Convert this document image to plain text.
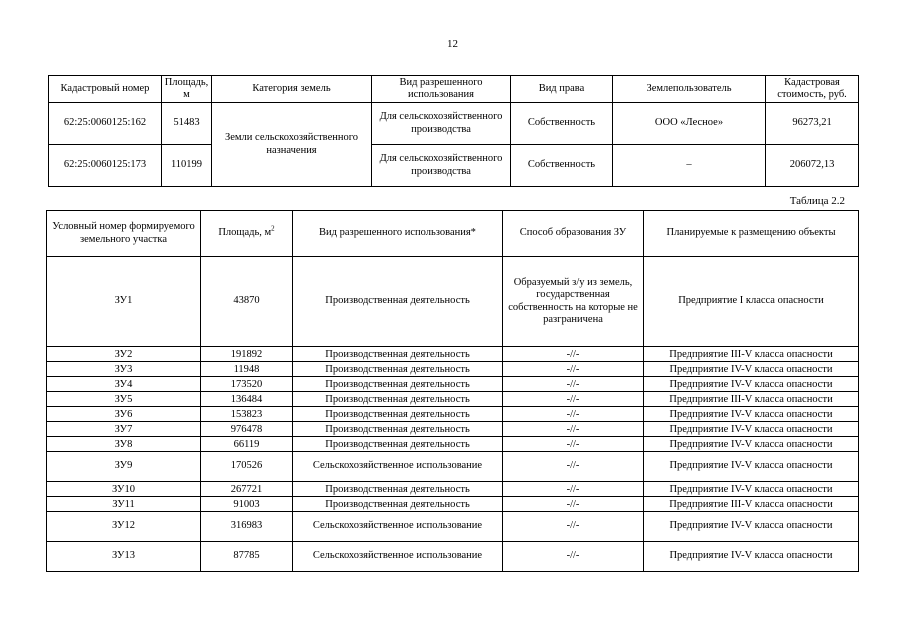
12
Кадастровый номер	Площадь, м	Категория земель	Вид разрешенного использования	Вид права	Землепользователь	Кадастровая стоимость, руб.
62:25:0060125:162	51483	Земли сельскохозяйственного назначения	Для сельскохозяйственного производства	Собственность	ООО «Лесное»	96273,21
62:25:0060125:173	110199		Для сельскохозяйственного производства	Собственность	–	206072,13
Таблица 2.2
Условный номер формируемого земельного участка	Площадь, $м^2$	Вид разрешенного использования*	Способ образования ЗУ	Планируемые к размещению объекты
ЗУ1	43870	Производственная деятельность	Образуемый з/у из земель, государственная собственность на которые не разграничена	Предприятие I класса опасности
ЗУ2	191892	Производственная деятельность	-//-	Предприятие III-V класса опасности
ЗУ3	11948	Производственная деятельность	-//-	Предприятие IV-V класса опасности
ЗУ4	173520	Производственная деятельность	-//-	Предприятие IV-V класса опасности
ЗУ5	136484	Производственная деятельность	-//-	Предприятие III-V класса опасности
ЗУ6	153823	Производственная деятельность	-//-	Предприятие IV-V класса опасности
ЗУ7	976478	Производственная деятельность	-//-	Предприятие IV-V класса опасности
ЗУ8	66119	Производственная деятельность	-//-	Предприятие IV-V класса опасности
ЗУ9	170526	Сельскохозяйственное использование	-//-	Предприятие IV-V класса опасности
ЗУ10	267721	Производственная деятельность	-//-	Предприятие IV-V класса опасности
ЗУ11	91003	Производственная деятельность	-//-	Предприятие III-V класса опасности
ЗУ12	316983	Сельскохозяйственное использование	-//-	Предприятие IV-V класса опасности
ЗУ13	87785	Сельскохозяйственное использование	-//-	Предприятие IV-V класса опасности
